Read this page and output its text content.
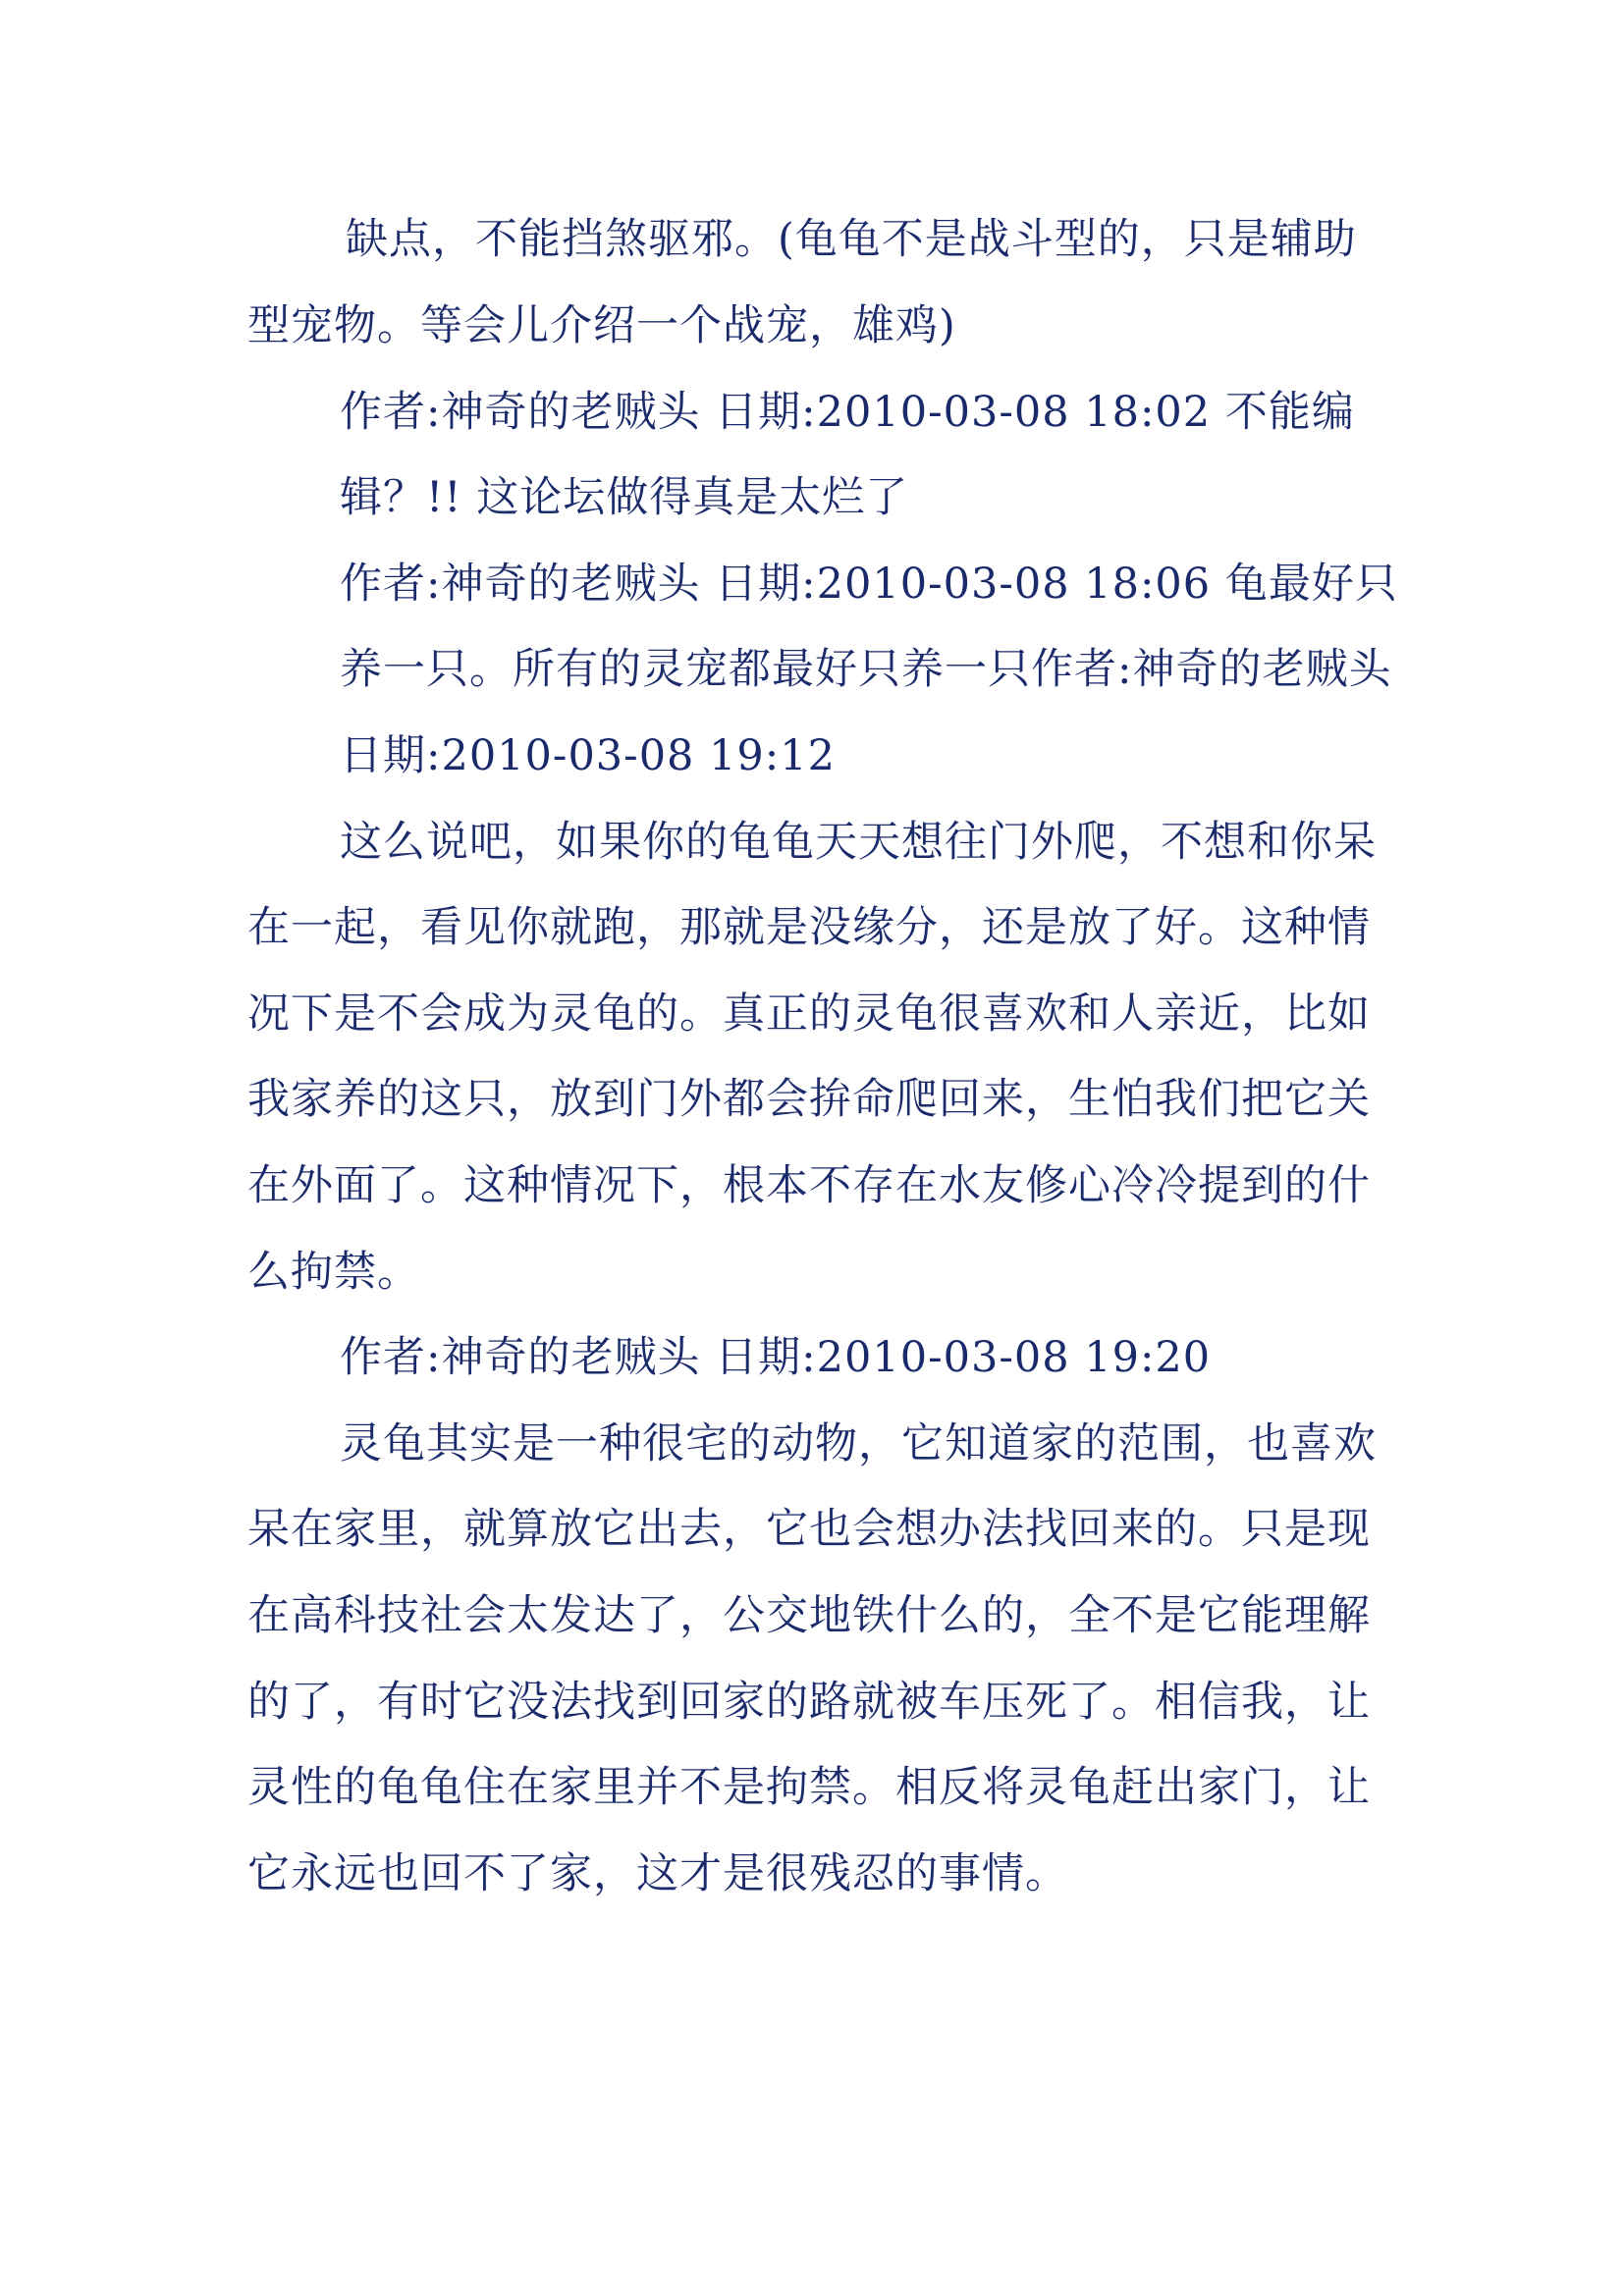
缺点，不能挡煞驱邪。(龟龟不是战斗型的，只是辅助
型宠物。等会儿介绍一个战宠，雄鸡)
作者:神奇的老贼头 日期:2010-03-08 18:02 不能编
辑？!! 这论坛做得真是太烂了
作者:神奇的老贼头 日期:2010-03-08 18:06 龟最好只
养一只。所有的灵宠都最好只养一只作者:神奇的老贼头
日期:2010-03-08 19:12
这么说吧，如果你的龟龟天天想往门外爬，不想和你呆
在一起，看见你就跑，那就是没缘分，还是放了好。这种情
况下是不会成为灵龟的。真正的灵龟很喜欢和人亲近，比如
我家养的这只，放到门外都会拚命爬回来，生怕我们把它关
在外面了。这种情况下，根本不存在水友修心冷冷提到的什
么拘禁。
作者:神奇的老贼头 日期:2010-03-08 19:20
灵龟其实是一种很宅的动物，它知道家的范围，也喜欢
呆在家里，就算放它出去，它也会想办法找回来的。只是现
在高科技社会太发达了，公交地铁什么的，全不是它能理解
的了，有时它没法找到回家的路就被车压死了。相信我，让
灵性的龟龟住在家里并不是拘禁。相反将灵龟赶出家门，让
它永远也回不了家，这才是很残忍的事情。
